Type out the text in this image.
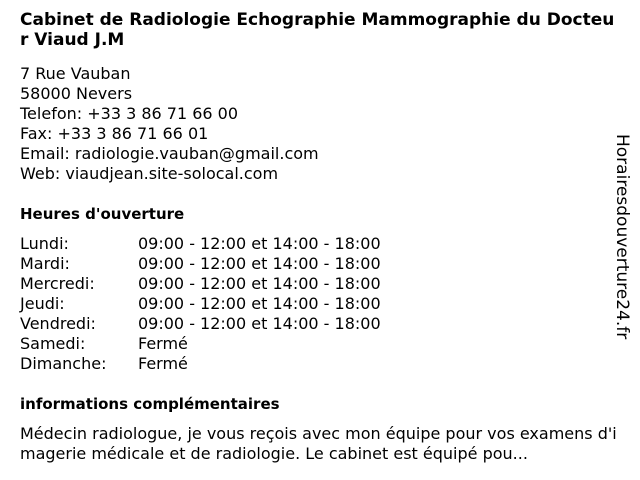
Cabinet de Radiologie Echographie Mammographie du Docteur Viaud J.M
7 Rue Vauban
58000 Nevers
Telefon: +33 3 86 71 66 00
Fax: +33 3 86 71 66 01
Email: radiologie.vauban@gmail.com
Web: viaudjean.site-solocal.com
Heures d'ouverture
Lundi:	09:00 - 12:00 et 14:00 - 18:00
Mardi:	09:00 - 12:00 et 14:00 - 18:00
Mercredi:	09:00 - 12:00 et 14:00 - 18:00
Jeudi:	09:00 - 12:00 et 14:00 - 18:00
Vendredi:	09:00 - 12:00 et 14:00 - 18:00
Samedi:	Fermé
Dimanche:	Fermé
informations complémentaires

Médecin radiologue, je vous reçois avec mon équipe pour vos examens d'imagerie médicale et de radiologie. Le cabinet est équipé pou...

Horairesdouverture24.fr
